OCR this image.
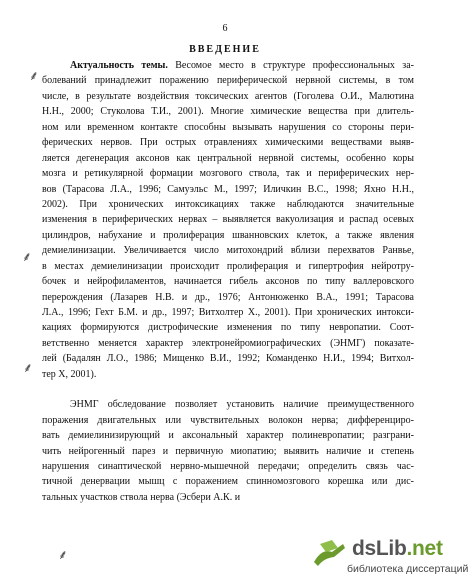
6
ВВЕДЕНИЕ
⸙
⸙
⸙
⸙
Актуальность темы. Весомое место в структуре профессиональных за-
болеваний принадлежит поражению периферической нервной системы, в том
числе, в результате воздействия токсических агентов (Гоголева О.И., Малютина
Н.Н., 2000; Стуколова Т.И., 2001). Многие химические вещества при длитель-
ном или временном контакте способны вызывать нарушения со стороны пери-
ферических нервов. При острых отравлениях химическими веществами выяв-
ляется дегенерация аксонов как центральной нервной системы, особенно коры
мозга и ретикулярной формации мозгового ствола, так и периферических нер-
вов (Тарасова Л.А., 1996; Самуэльс М., 1997; Иличкин В.С., 1998; Яхно Н.Н.,
2002). При хронических интоксикациях также наблюдаются значительные
изменения в периферических нервах – выявляется вакуолизация и распад осевых
цилиндров, набухание и пролиферация шванновских клеток, а также явления
демиелинизации. Увеличивается число митохондрий вблизи перехватов Ранвье,
в местах демиелинизации происходит пролиферация и гипертрофия нейротру-
бочек и нейрофиламентов, начинается гибель аксонов по типу валлеровского
перерождения (Лазарев Н.В. и др., 1976; Антонюженко В.А., 1991; Тарасова
Л.А., 1996; Гехт Б.М. и др., 1997; Витхолтер Х., 2001). При хронических интокси-
кациях формируются дистрофические изменения по типу невропатии. Соот-
ветственно меняется характер электронейромиографических (ЭНМГ) показате-
лей (Бадалян Л.О., 1986; Мищенко В.И., 1992; Команденко Н.И., 1994; Витхол-
тер Х, 2001).
ЭНМГ обследование позволяет установить наличие преимущественного
поражения двигательных или чувствительных волокон нерва; дифференциро-
вать демиелинизирующий и аксональный характер полиневропатии; разграни-
чить нейрогенный парез и первичную миопатию; выявить наличие и степень
нарушения синаптической нервно-мышечной передачи; определить связь час-
тичной денервации мышц с поражением спинномозгового корешка или дис-
тальных участков ствола нерва (Эсбери А.К. и
dsLib.net
библиотека диссертаций
